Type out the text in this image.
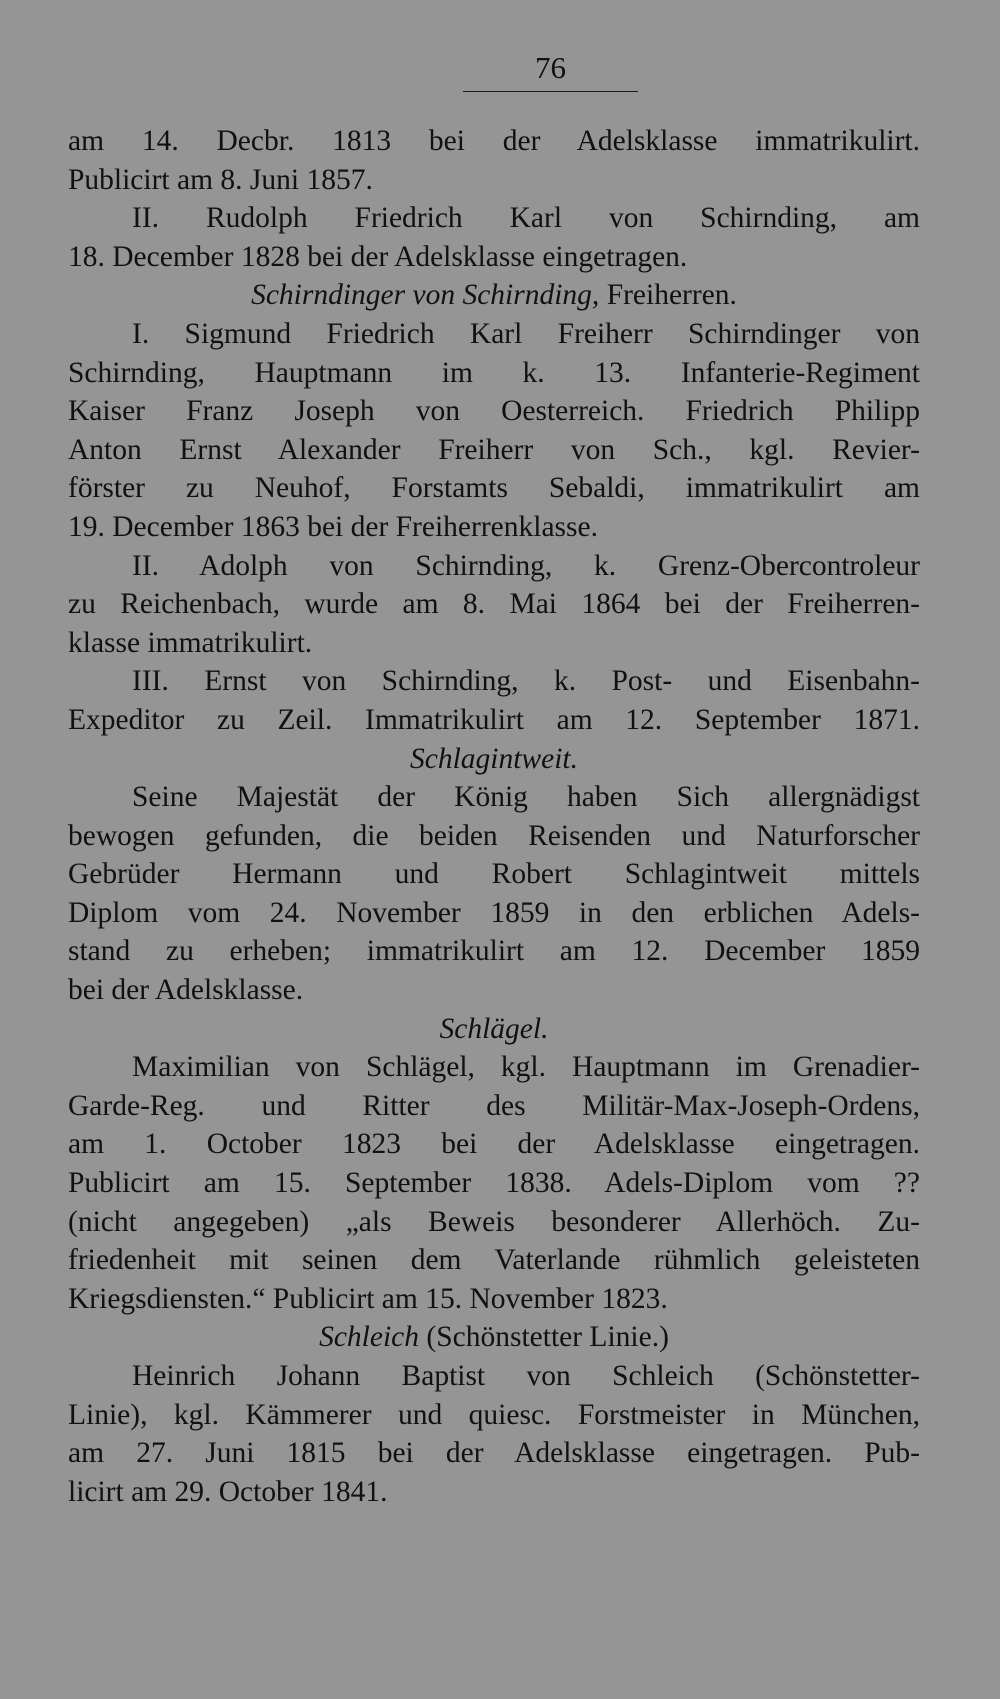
76
am 14. Decbr. 1813 bei der Adelsklasse immatrikulirt.
Publicirt am 8. Juni 1857.
II. Rudolph Friedrich Karl von Schirnding, am
18. December 1828 bei der Adelsklasse eingetragen.
Schirndinger von Schirnding, Freiherren.
I. Sigmund Friedrich Karl Freiherr Schirndinger von
Schirnding, Hauptmann im k. 13. Infanterie-Regiment
Kaiser Franz Joseph von Oesterreich. Friedrich Philipp
Anton Ernst Alexander Freiherr von Sch., kgl. Revier-
förster zu Neuhof, Forstamts Sebaldi, immatrikulirt am
19. December 1863 bei der Freiherrenklasse.
II. Adolph von Schirnding, k. Grenz-Obercontroleur
zu Reichenbach, wurde am 8. Mai 1864 bei der Freiherren-
klasse immatrikulirt.
III. Ernst von Schirnding, k. Post- und Eisenbahn-
Expeditor zu Zeil. Immatrikulirt am 12. September 1871.
Schlagintweit.
Seine Majestät der König haben Sich allergnädigst
bewogen gefunden, die beiden Reisenden und Naturforscher
Gebrüder Hermann und Robert Schlagintweit mittels
Diplom vom 24. November 1859 in den erblichen Adels-
stand zu erheben; immatrikulirt am 12. December 1859
bei der Adelsklasse.
Schlägel.
Maximilian von Schlägel, kgl. Hauptmann im Grenadier-
Garde-Reg. und Ritter des Militär-Max-Joseph-Ordens,
am 1. October 1823 bei der Adelsklasse eingetragen.
Publicirt am 15. September 1838. Adels-Diplom vom ??
(nicht angegeben) „als Beweis besonderer Allerhöch. Zu-
friedenheit mit seinen dem Vaterlande rühmlich geleisteten
Kriegsdiensten.“ Publicirt am 15. November 1823.
Schleich (Schönstetter Linie.)
Heinrich Johann Baptist von Schleich (Schönstetter-
Linie), kgl. Kämmerer und quiesc. Forstmeister in München,
am 27. Juni 1815 bei der Adelsklasse eingetragen. Pub-
licirt am 29. October 1841.
